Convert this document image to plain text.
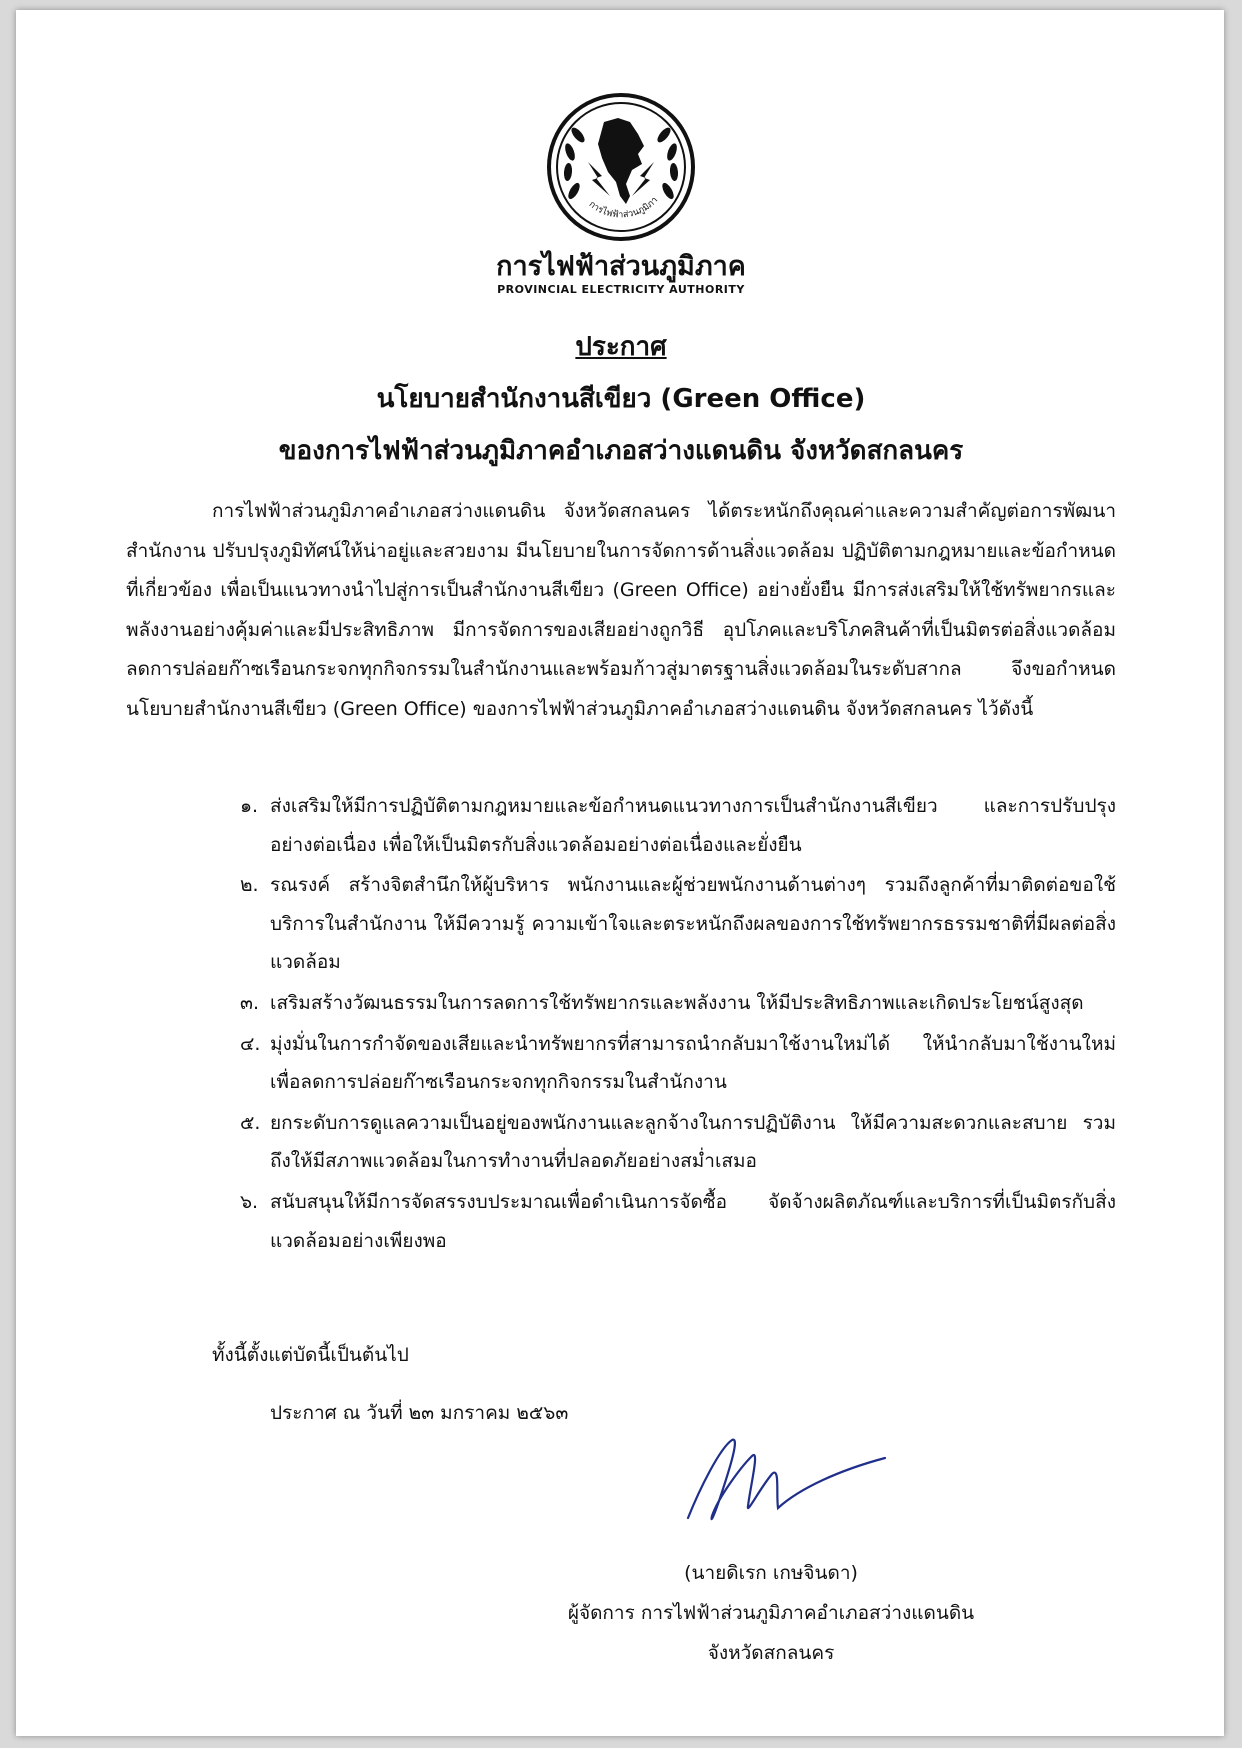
การไฟฟ้าส่วนภูมิภา
การไฟฟ้าส่วนภูมิภาค
PROVINCIAL ELECTRICITY AUTHORITY
ประกาศ
นโยบายสำนักงานสีเขียว (Green Office)
ของการไฟฟ้าส่วนภูมิภาคอำเภอสว่างแดนดิน จังหวัดสกลนคร
การไฟฟ้าส่วนภูมิภาคอำเภอสว่างแดนดิน จังหวัดสกลนคร ได้ตระหนักถึงคุณค่าและความสำคัญต่อการพัฒนาสำนักงาน ปรับปรุงภูมิทัศน์ให้น่าอยู่และสวยงาม มีนโยบายในการจัดการด้านสิ่งแวดล้อม ปฏิบัติตามกฎหมายและข้อกำหนดที่เกี่ยวข้อง เพื่อเป็นแนวทางนำไปสู่การเป็นสำนักงานสีเขียว (Green Office) อย่างยั่งยืน มีการส่งเสริมให้ใช้ทรัพยากรและพลังงานอย่างคุ้มค่าและมีประสิทธิภาพ มีการจัดการของเสียอย่างถูกวิธี อุปโภคและบริโภคสินค้าที่เป็นมิตรต่อสิ่งแวดล้อม ลดการปล่อยก๊าซเรือนกระจกทุกกิจกรรมในสำนักงานและพร้อมก้าวสู่มาตรฐานสิ่งแวดล้อมในระดับสากล จึงขอกำหนดนโยบายสำนักงานสีเขียว (Green Office) ของการไฟฟ้าส่วนภูมิภาคอำเภอสว่างแดนดิน จังหวัดสกลนคร ไว้ดังนี้
๑. ส่งเสริมให้มีการปฏิบัติตามกฎหมายและข้อกำหนดแนวทางการเป็นสำนักงานสีเขียว และการปรับปรุงอย่างต่อเนื่อง เพื่อให้เป็นมิตรกับสิ่งแวดล้อมอย่างต่อเนื่องและยั่งยืน
๒. รณรงค์ สร้างจิตสำนึกให้ผู้บริหาร พนักงานและผู้ช่วยพนักงานด้านต่างๆ รวมถึงลูกค้าที่มาติดต่อขอใช้บริการในสำนักงาน ให้มีความรู้ ความเข้าใจและตระหนักถึงผลของการใช้ทรัพยากรธรรมชาติที่มีผลต่อสิ่งแวดล้อม
๓. เสริมสร้างวัฒนธรรมในการลดการใช้ทรัพยากรและพลังงาน ให้มีประสิทธิภาพและเกิดประโยชน์สูงสุด
๔. มุ่งมั่นในการกำจัดของเสียและนำทรัพยากรที่สามารถนำกลับมาใช้งานใหม่ได้ ให้นำกลับมาใช้งานใหม่ เพื่อลดการปล่อยก๊าซเรือนกระจกทุกกิจกรรมในสำนักงาน
๕. ยกระดับการดูแลความเป็นอยู่ของพนักงานและลูกจ้างในการปฏิบัติงาน ให้มีความสะดวกและสบาย รวมถึงให้มีสภาพแวดล้อมในการทำงานที่ปลอดภัยอย่างสม่ำเสมอ
๖. สนับสนุนให้มีการจัดสรรงบประมาณเพื่อดำเนินการจัดซื้อ จัดจ้างผลิตภัณฑ์และบริการที่เป็นมิตรกับสิ่งแวดล้อมอย่างเพียงพอ
ทั้งนี้ตั้งแต่บัดนี้เป็นต้นไป
ประกาศ ณ วันที่ ๒๓ มกราคม ๒๕๖๓
(นายดิเรก เกษจินดา)
ผู้จัดการ การไฟฟ้าส่วนภูมิภาคอำเภอสว่างแดนดิน
จังหวัดสกลนคร
